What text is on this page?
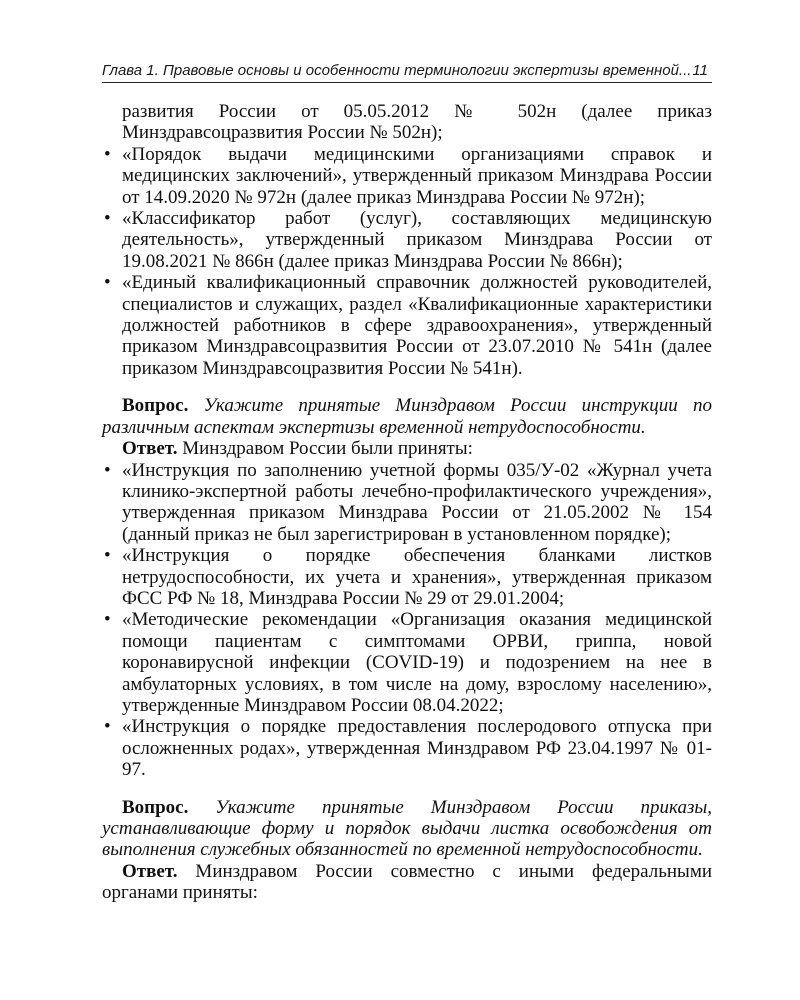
Глава 1. Правовые основы и особенности терминологии экспертизы временной... 11

развития России от 05.05.2012 № 502н (далее приказ Минздравсоцразвития России № 502н);

• «Порядок выдачи медицинскими организациями справок и медицинских заключений», утвержденный приказом Минздрава России от 14.09.2020 № 972н (далее приказ Минздрава России № 972н);
• «Классификатор работ (услуг), составляющих медицинскую деятельность», утвержденный приказом Минздрава России от 19.08.2021 № 866н (далее приказ Минздрава России № 866н);
• «Единый квалификационный справочник должностей руководителей, специалистов и служащих, раздел «Квалификационные характеристики должностей работников в сфере здравоохранения», утвержденный приказом Минздравсоцразвития России от 23.07.2010 № 541н (далее приказом Минздравсоцразвития России № 541н).

Вопрос. Укажите принятые Минздравом России инструкции по различным аспектам экспертизы временной нетрудоспособности.

Ответ. Минздравом России были приняты:

• «Инструкция по заполнению учетной формы 035/У-02 «Журнал учета клинико-экспертной работы лечебно-профилактического учреждения», утвержденная приказом Минздрава России от 21.05.2002 № 154 (данный приказ не был зарегистрирован в установленном порядке);
• «Инструкция о порядке обеспечения бланками листков нетрудоспособности, их учета и хранения», утвержденная приказом ФСС РФ № 18, Минздрава России № 29 от 29.01.2004;
• «Методические рекомендации «Организация оказания медицинской помощи пациентам с симптомами ОРВИ, гриппа, новой коронавирусной инфекции (COVID-19) и подозрением на нее в амбулаторных условиях, в том числе на дому, взрослому населению», утвержденные Минздравом России 08.04.2022;
• «Инструкция о порядке предоставления послеродового отпуска при осложненных родах», утвержденная Минздравом РФ 23.04.1997 № 01-97.

Вопрос. Укажите принятые Минздравом России приказы, устанавливающие форму и порядок выдачи листка освобождения от выполнения служебных обязанностей по временной нетрудоспособности.

Ответ. Минздравом России совместно с иными федеральными органами приняты:
